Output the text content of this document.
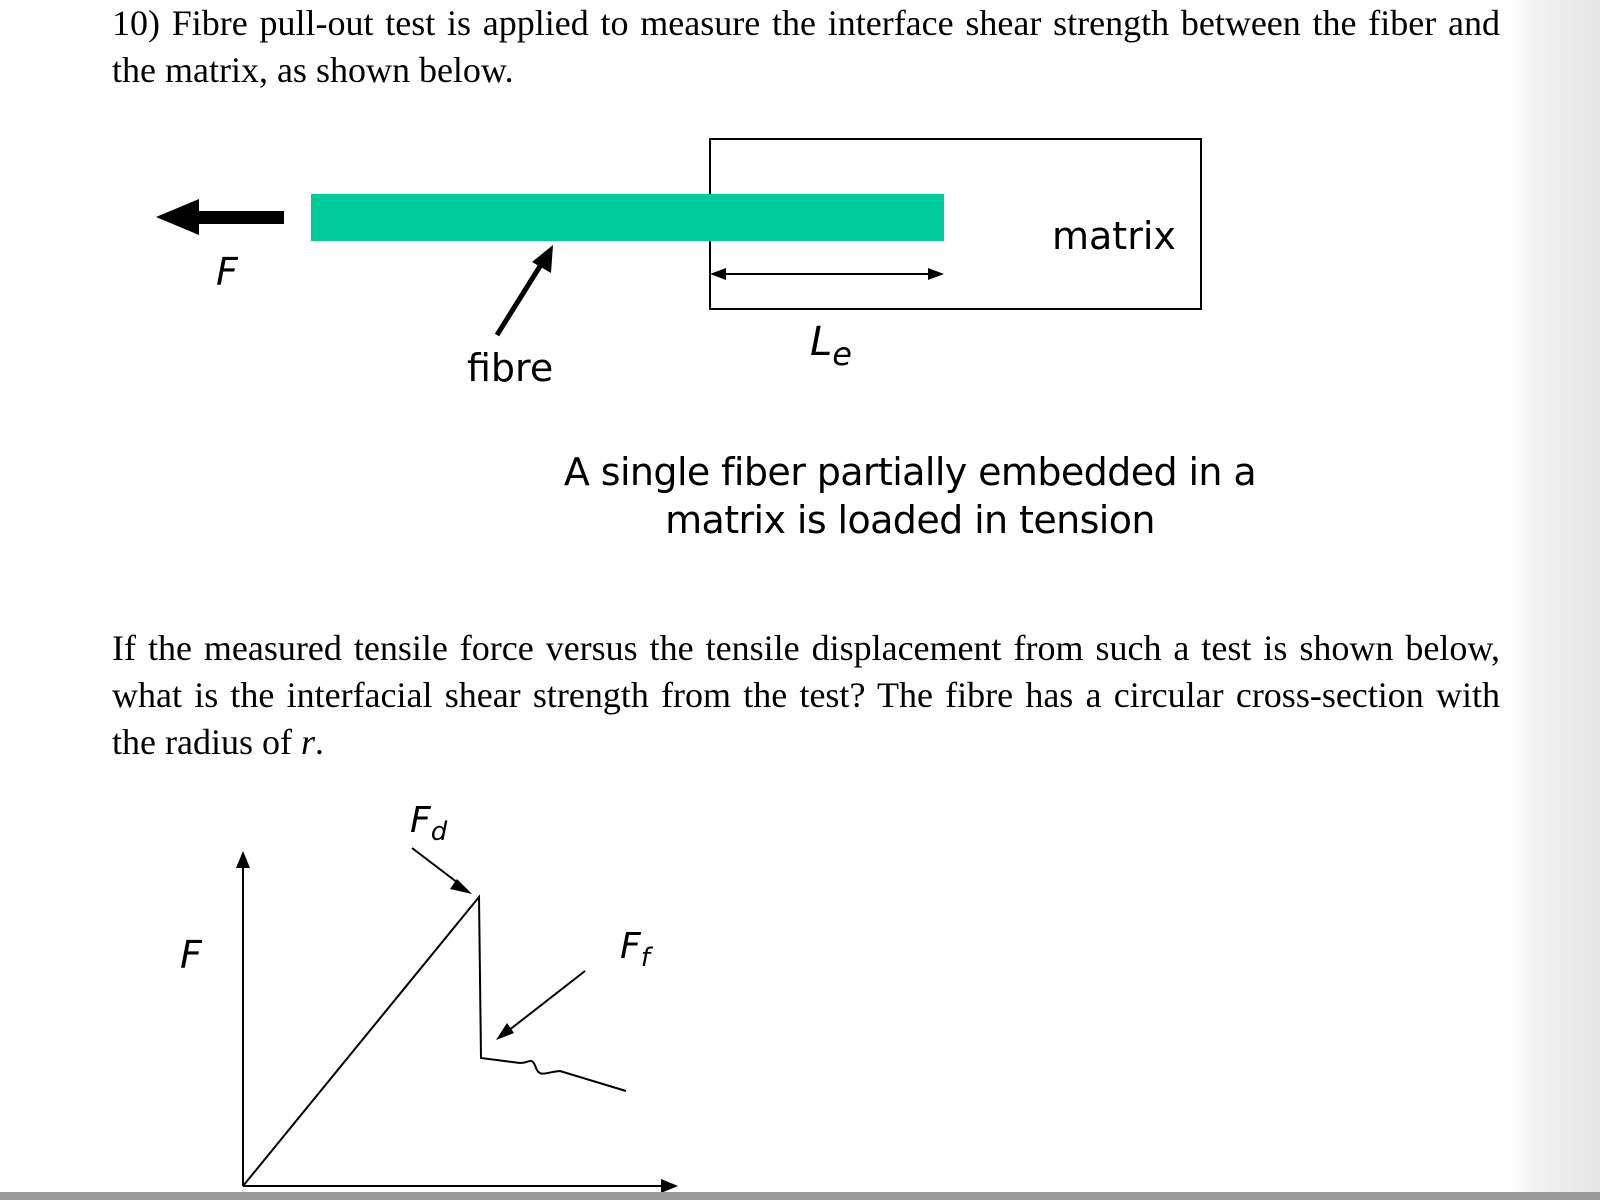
10) Fibre pull-out test is applied to measure the interface shear strength between the fiber and the matrix, as shown below.

F
fibre
matrix
$L_e$
A single fiber partially embedded in a
matrix is loaded in tension

If the measured tensile force versus the tensile displacement from such a test is shown below, what is the interfacial shear strength from the test? The fibre has a circular cross-section with the radius of r.

F
$F_d$
$F_f$
